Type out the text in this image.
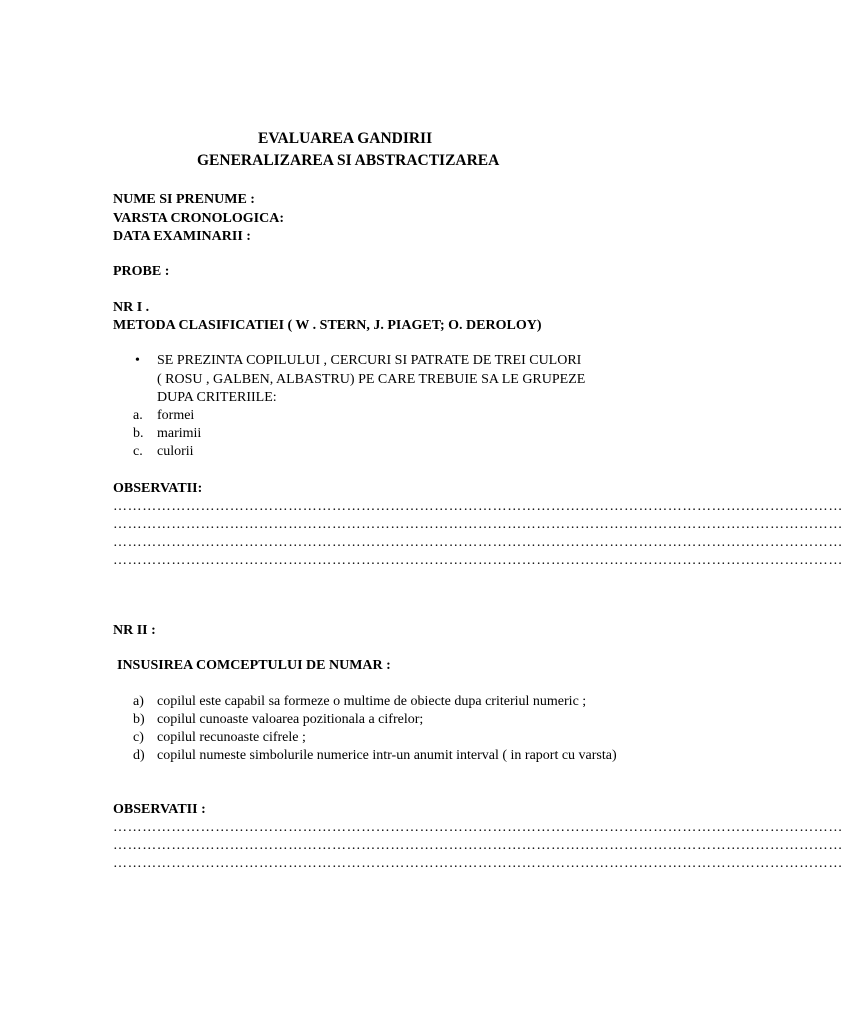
EVALUAREA GANDIRII
GENERALIZAREA SI ABSTRACTIZAREA
NUME SI PRENUME :
VARSTA CRONOLOGICA:
DATA EXAMINARII :
PROBE :
NR I .
METODA CLASIFICATIEI ( W . STERN, J. PIAGET; O. DEROLOY)
• SE PREZINTA COPILULUI , CERCURI SI PATRATE DE TREI CULORI
( ROSU , GALBEN, ALBASTRU) PE CARE TREBUIE SA LE GRUPEZE
DUPA CRITERIILE:
a.	formei
b. marimii
c.	culorii
OBSERVATII:
……………………………………………………………………………………………………………………………………
……………………………………………………………………………………………………………………………………
……………………………………………………………………………………………………………………………………
……………………………………………………………………………………………………………………………………
NR II :
INSUSIREA COMCEPTULUI DE NUMAR :
a) copilul este capabil sa formeze o multime de obiecte dupa criteriul numeric ;
b) copilul cunoaste valoarea pozitionala a cifrelor;
c) copilul recunoaste cifrele ;
d) copilul numeste simbolurile numerice intr-un anumit interval ( in raport cu varsta)
OBSERVATII :
……………………………………………………………………………………………………………………………………
……………………………………………………………………………………………………………………………………
……………………………………………………………………………………………………………………………………
